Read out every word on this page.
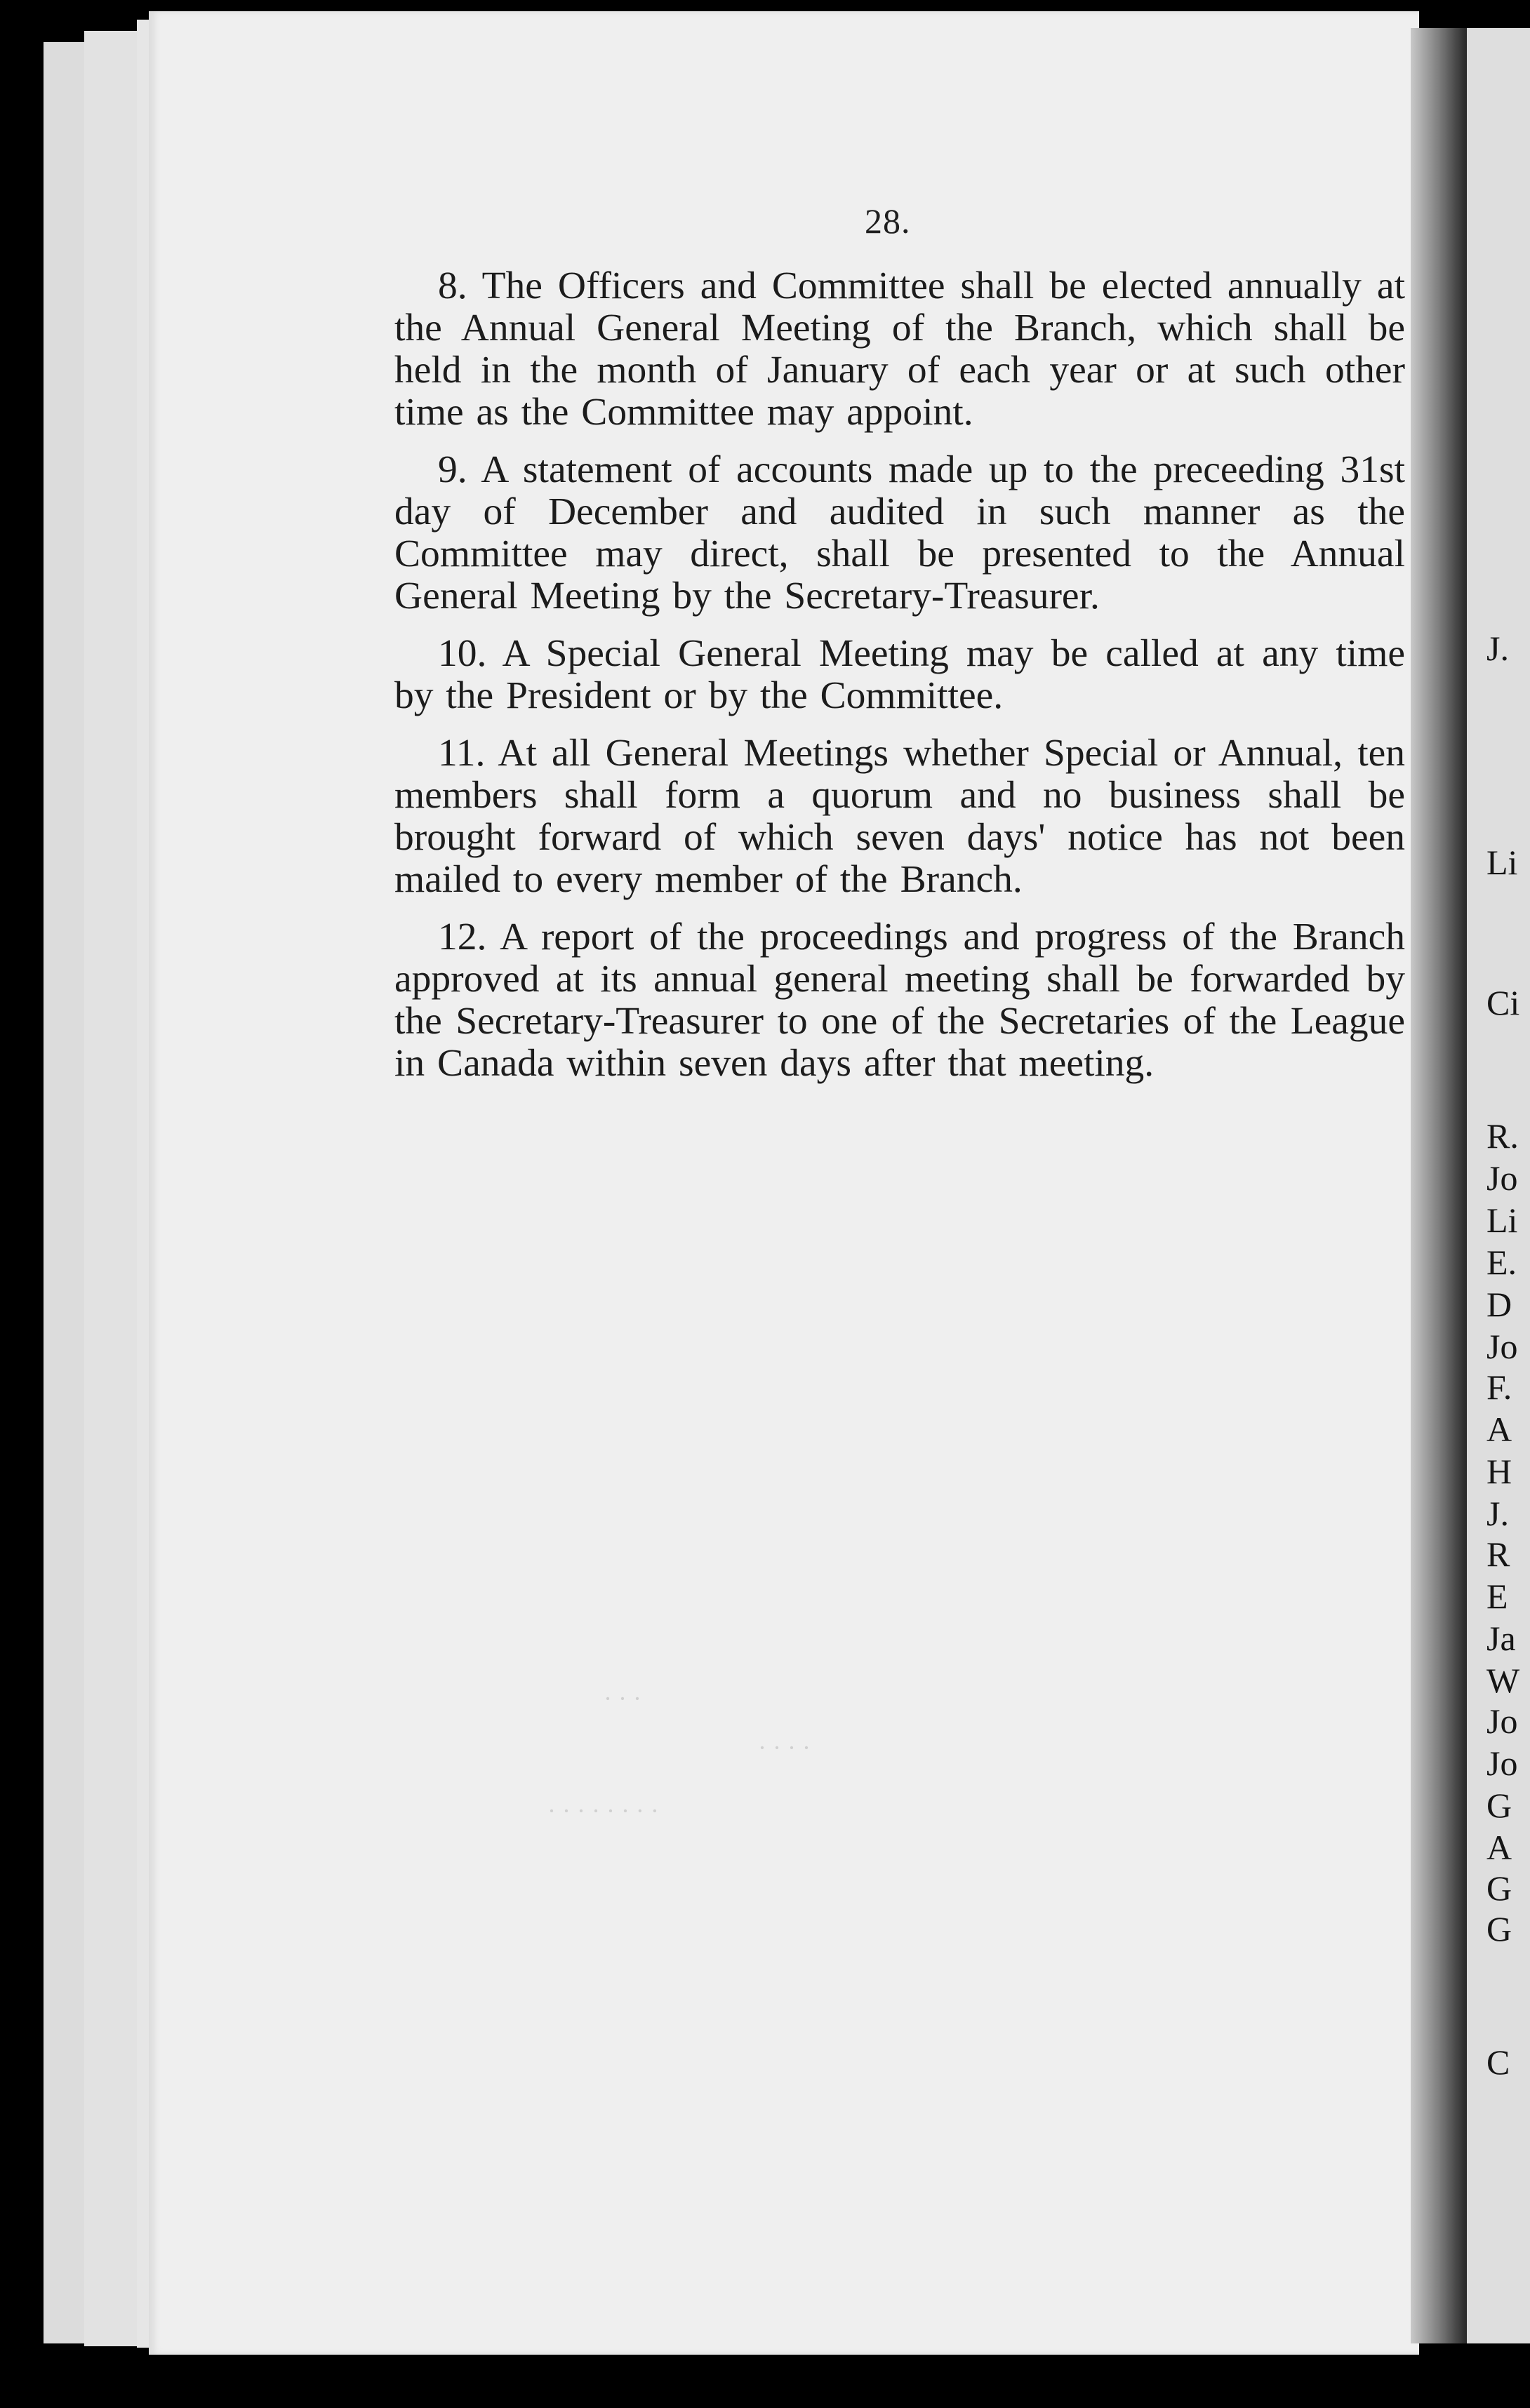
· · ·
· · · ·
· · · · · · · ·
28.

8. The Officers and Committee shall be elected annually at the Annual General Meeting of the Branch, which shall be held in the month of January of each year or at such other time as the Committee may appoint.

9. A statement of accounts made up to the preceeding 31st day of December and audited in such manner as the Committee may direct, shall be presented to the Annual General Meeting by the Secretary-Treasurer.

10. A Special General Meeting may be called at any time by the President or by the Committee.

11. At all General Meetings whether Special or Annual, ten members shall form a quorum and no business shall be brought forward of which seven days' notice has not been mailed to every member of the Branch.

12. A report of the proceedings and progress of the Branch approved at its annual general meeting shall be forwarded by the Secretary-Treasurer to one of the Secretaries of the League in Canada within seven days after that meeting.

J.
Li
Ci
R.
Jo
Li
E.
D
Jo
F.
A
H
J.
R
E
Ja
W
Jo
Jo
G
A
G
G
C
